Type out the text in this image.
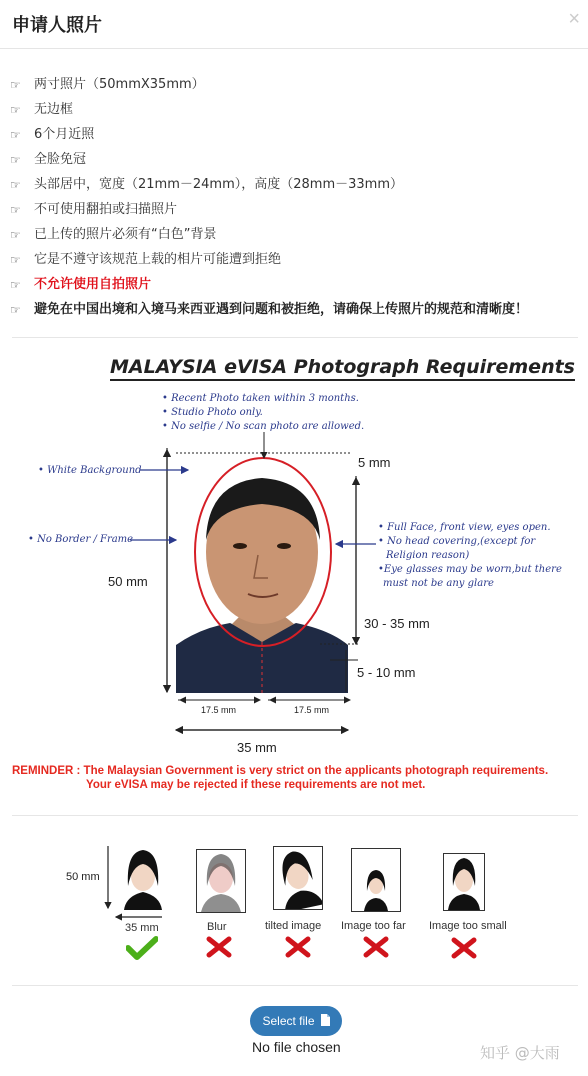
申请人照片	×
☞	两寸照片（50mmX35mm）
☞	无边框
☞	6个月近照
☞	全脸免冠
☞	头部居中，宽度（21mm－24mm），高度（28mm－33mm）
☞	不可使用翻拍或扫描照片
☞	已上传的照片必须有“白色”背景
☞	它是不遵守该规范上载的相片可能遭到拒绝
☞	不允许使用自拍照片
☞	避免在中国出境和入境马来西亚遇到问题和被拒绝，请确保上传照片的规范和清晰度！
MALAYSIA eVISA Photograph Requirements
• Recent Photo taken within 3 months.
• Studio Photo only.
• No selfie / No scan photo are allowed.
• White Background
• No Border / Frame
• Full Face, front view, eyes open.
• No head covering,(except for
Religion reason)
•Eye glasses may be worn,but there
must not be any glare
50 mm
5 mm
30 - 35 mm
5 - 10 mm
17.5 mm	17.5 mm
35 mm
REMINDER : The Malaysian Government is very strict on the applicants photograph requirements.
Your eVISA may be rejected if these requirements are not met.
50 mm
35 mm	Blur	tilted image Image too far Image too small
Select file
No file chosen	知乎 @大雨
